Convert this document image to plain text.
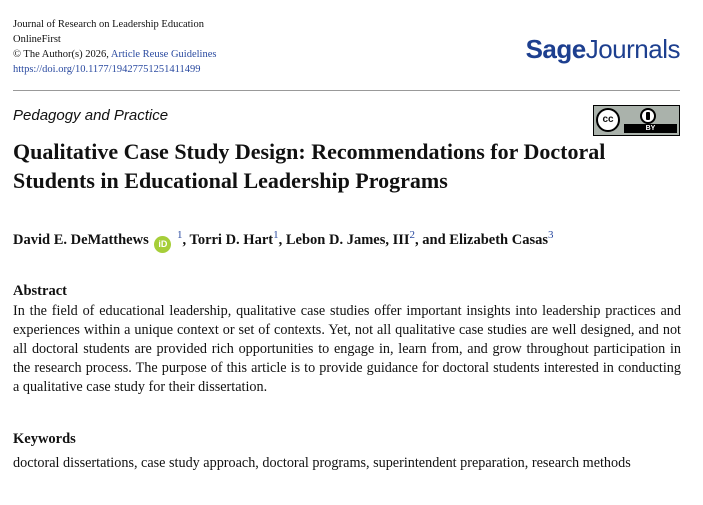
Journal of Research on Leadership Education
OnlineFirst
© The Author(s) 2026, Article Reuse Guidelines
https://doi.org/10.1177/19427751251411499
SageJournals
Pedagogy and Practice	cc
BY
Qualitative Case Study Design: Recommendations for Doctoral Students in Educational Leadership Programs
David E. DeMatthews iD $^1$, Torri D. Hart$^1$, Lebon D. James, III$^2$, and Elizabeth Casas$^3$
Abstract

In the field of educational leadership, qualitative case studies offer important insights into leadership practices and experiences within a unique context or set of contexts. Yet, not all qualitative case studies are well designed, and not all doctoral students are provided rich opportunities to engage in, learn from, and grow throughout participation in the research process. The purpose of this article is to provide guidance for doctoral students interested in conducting a qualitative case study for their dissertation.

Keywords

doctoral dissertations, case study approach, doctoral programs, superintendent preparation, research methods
